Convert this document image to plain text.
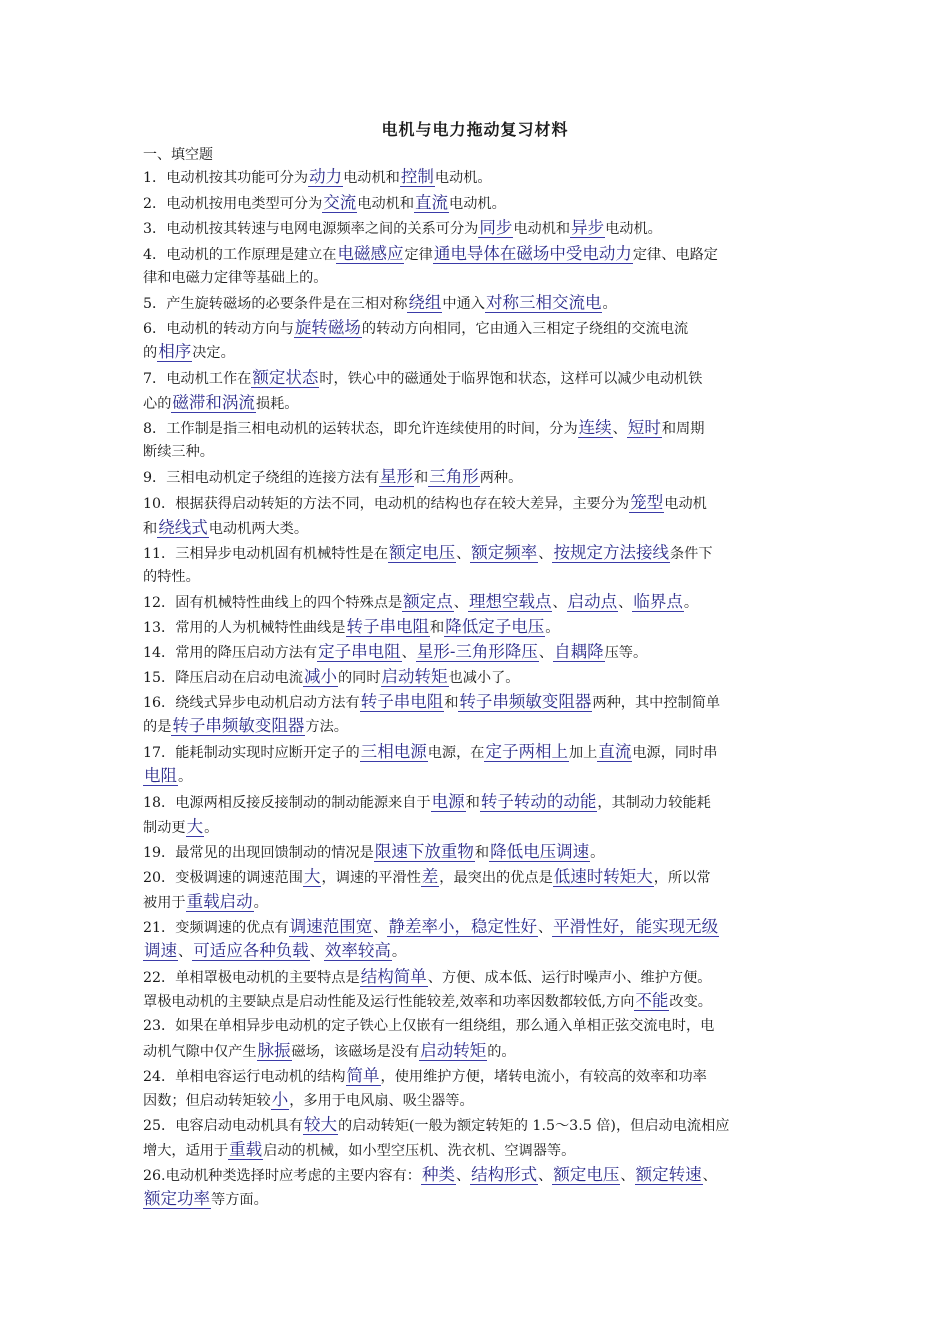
电机与电力拖动复习材料
一、填空题
1．电动机按其功能可分为动力电动机和控制电动机。
2．电动机按用电类型可分为交流电动机和直流电动机。
3．电动机按其转速与电网电源频率之间的关系可分为同步电动机和异步电动机。
4．电动机的工作原理是建立在电磁感应定律通电导体在磁场中受电动力定律、电路定
律和电磁力定律等基础上的。
5．产生旋转磁场的必要条件是在三相对称绕组中通入对称三相交流电。
6．电动机的转动方向与旋转磁场的转动方向相同，它由通入三相定子绕组的交流电流
的相序决定。
7．电动机工作在额定状态时，铁心中的磁通处于临界饱和状态，这样可以减少电动机铁
心的磁滞和涡流损耗。
8．工作制是指三相电动机的运转状态，即允许连续使用的时间，分为连续、短时和周期
断续三种。
9．三相电动机定子绕组的连接方法有星形和三角形两种。
10．根据获得启动转矩的方法不同，电动机的结构也存在较大差异，主要分为笼型电动机
和绕线式电动机两大类。
11．三相异步电动机固有机械特性是在额定电压、额定频率、按规定方法接线条件下
的特性。
12．固有机械特性曲线上的四个特殊点是额定点、理想空载点、启动点、临界点。
13．常用的人为机械特性曲线是转子串电阻和降低定子电压。
14．常用的降压启动方法有定子串电阻、星形-三角形降压、自耦降压等。
15．降压启动在启动电流减小的同时启动转矩也减小了。
16．绕线式异步电动机启动方法有转子串电阻和转子串频敏变阻器两种，其中控制简单
的是转子串频敏变阻器方法。
17．能耗制动实现时应断开定子的三相电源电源，在定子两相上加上直流电源，同时串
电阻。
18．电源两相反接反接制动的制动能源来自于电源和转子转动的动能，其制动力较能耗
制动更大。
19．最常见的出现回馈制动的情况是限速下放重物和降低电压调速。
20．变极调速的调速范围大，调速的平滑性差，最突出的优点是低速时转矩大，所以常
被用于重载启动。
21．变频调速的优点有调速范围宽、静差率小，稳定性好、平滑性好，能实现无级
调速、可适应各种负载、效率较高。
22．单相罩极电动机的主要特点是结构简单、方便、成本低、运行时噪声小、维护方便。
罩极电动机的主要缺点是启动性能及运行性能较差,效率和功率因数都较低,方向不能改变。
23．如果在单相异步电动机的定子铁心上仅嵌有一组绕组，那么通入单相正弦交流电时，电
动机气隙中仅产生脉振磁场，该磁场是没有启动转矩的。
24．单相电容运行电动机的结构简单，使用维护方便，堵转电流小，有较高的效率和功率
因数；但启动转矩较小，多用于电风扇、吸尘器等。
25．电容启动电动机具有较大的启动转矩(一般为额定转矩的 1.5～3.5 倍)，但启动电流相应
增大，适用于重载启动的机械，如小型空压机、洗衣机、空调器等。
26.电动机种类选择时应考虑的主要内容有：种类、结构形式、额定电压、额定转速、
额定功率等方面。
